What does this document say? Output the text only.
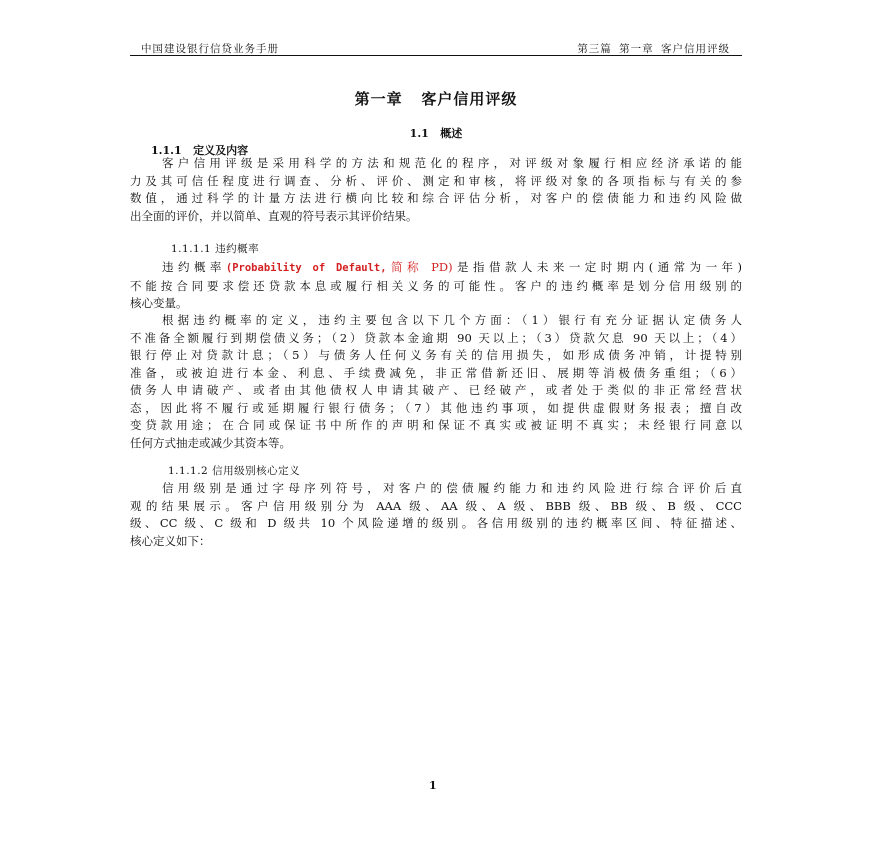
中国建设银行信贷业务手册	第三篇 第一章 客户信用评级
第一章   客户信用评级
1.1   概述
1.1.1   定义及内容
客户信用评级是采用科学的方法和规范化的程序，对评级对象履行相应经济承诺的能
力及其可信任程度进行调查、分析、评价、测定和审核，将评级对象的各项指标与有关的参
数值，通过科学的计量方法进行横向比较和综合评估分析，对客户的偿债能力和违约风险做
出全面的评价，并以简单、直观的符号表示其评价结果。
1.1.1.1 违约概率
违约概率(Probability of Default,简称 PD)是指借款人未来一定时期内(通常为一年)
不能按合同要求偿还贷款本息或履行相关义务的可能性。客户的违约概率是划分信用级别的
核心变量。
根据违约概率的定义，违约主要包含以下几个方面：（1）银行有充分证据认定债务人
不准备全额履行到期偿债义务；（2）贷款本金逾期 90 天以上；（3）贷款欠息 90 天以上；（4）
银行停止对贷款计息；（5）与债务人任何义务有关的信用损失，如形成债务冲销，计提特别
准备，或被迫进行本金、利息、手续费减免，非正常借新还旧、展期等消极债务重组；（6）
债务人申请破产、或者由其他债权人申请其破产、已经破产，或者处于类似的非正常经营状
态，因此将不履行或延期履行银行债务；（7）其他违约事项，如提供虚假财务报表；擅自改
变贷款用途；在合同或保证书中所作的声明和保证不真实或被证明不真实；未经银行同意以
任何方式抽走或减少其资本等。
1.1.1.2 信用级别核心定义
信用级别是通过字母序列符号，对客户的偿债履约能力和违约风险进行综合评价后直
观的结果展示。客户信用级别分为 AAA 级、AA 级、A 级、BBB 级、BB 级、B 级、CCC
级、CC 级、C 级和 D 级共 10 个风险递增的级别。各信用级别的违约概率区间、特征描述、
核心定义如下：
1
